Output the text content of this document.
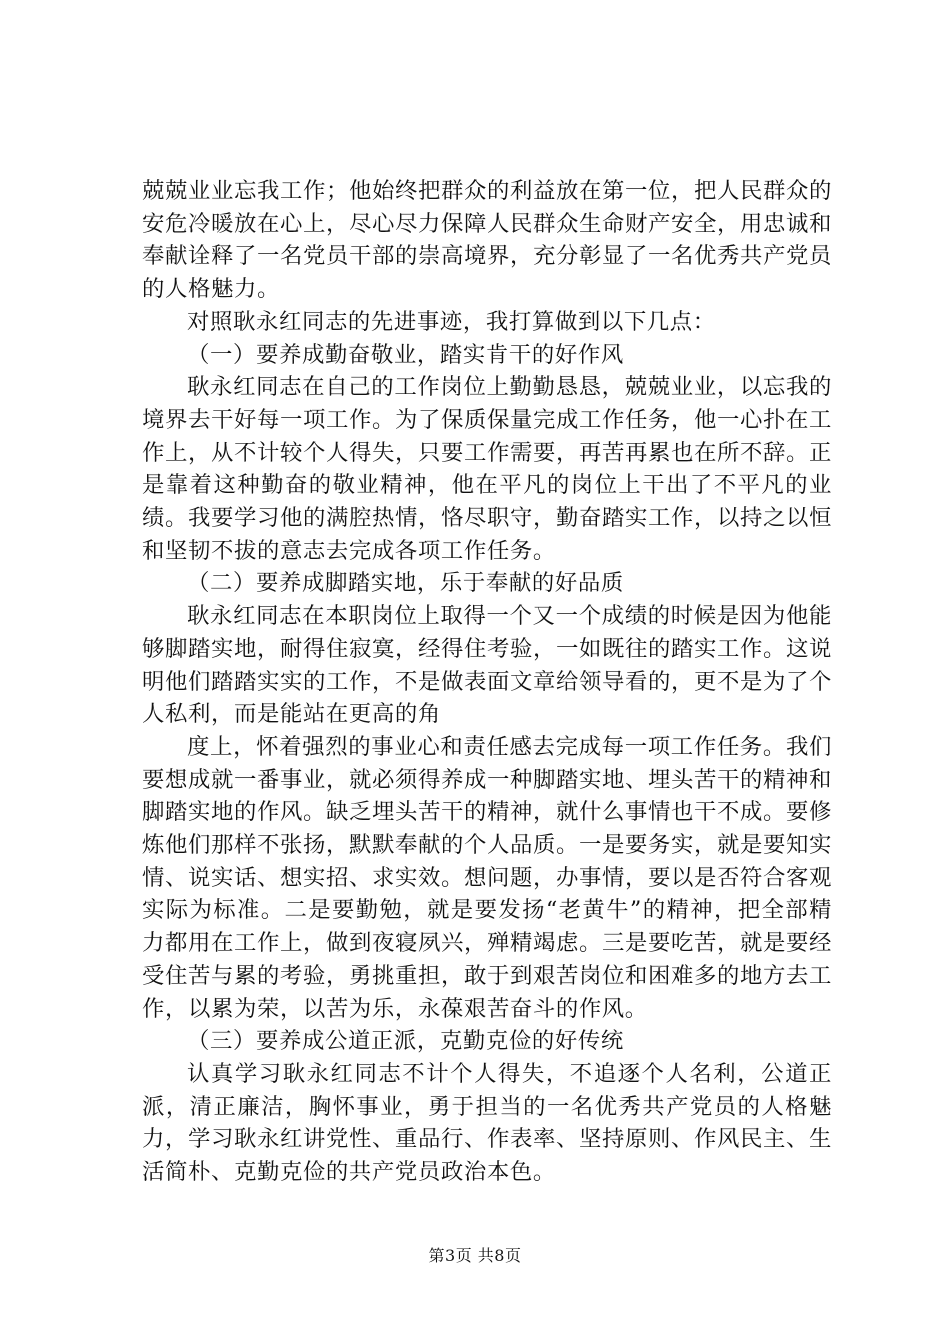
兢兢业业忘我工作；他始终把群众的利益放在第一位，把人民群众的安危冷暖放在心上，尽心尽力保障人民群众生命财产安全，用忠诚和奉献诠释了一名党员干部的崇高境界，充分彰显了一名优秀共产党员的人格魅力。

对照耿永红同志的先进事迹，我打算做到以下几点：

（一）要养成勤奋敬业，踏实肯干的好作风

耿永红同志在自己的工作岗位上勤勤恳恳，兢兢业业，以忘我的境界去干好每一项工作。为了保质保量完成工作任务，他一心扑在工作上，从不计较个人得失，只要工作需要，再苦再累也在所不辞。正是靠着这种勤奋的敬业精神，他在平凡的岗位上干出了不平凡的业绩。我要学习他的满腔热情，恪尽职守，勤奋踏实工作，以持之以恒和坚韧不拔的意志去完成各项工作任务。

（二）要养成脚踏实地，乐于奉献的好品质

耿永红同志在本职岗位上取得一个又一个成绩的时候是因为他能够脚踏实地，耐得住寂寞，经得住考验，一如既往的踏实工作。这说明他们踏踏实实的工作，不是做表面文章给领导看的，更不是为了个人私利，而是能站在更高的角

度上，怀着强烈的事业心和责任感去完成每一项工作任务。我们要想成就一番事业，就必须得养成一种脚踏实地、埋头苦干的精神和脚踏实地的作风。缺乏埋头苦干的精神，就什么事情也干不成。要修炼他们那样不张扬，默默奉献的个人品质。一是要务实，就是要知实情、说实话、想实招、求实效。想问题，办事情，要以是否符合客观实际为标准。二是要勤勉，就是要发扬“老黄牛”的精神，把全部精力都用在工作上，做到夜寝夙兴，殚精竭虑。三是要吃苦，就是要经受住苦与累的考验，勇挑重担，敢于到艰苦岗位和困难多的地方去工作，以累为荣，以苦为乐，永葆艰苦奋斗的作风。

（三）要养成公道正派，克勤克俭的好传统

认真学习耿永红同志不计个人得失，不追逐个人名利，公道正派，清正廉洁，胸怀事业，勇于担当的一名优秀共产党员的人格魅力，学习耿永红讲党性、重品行、作表率、坚持原则、作风民主、生活简朴、克勤克俭的共产党员政治本色。

第3页 共8页
